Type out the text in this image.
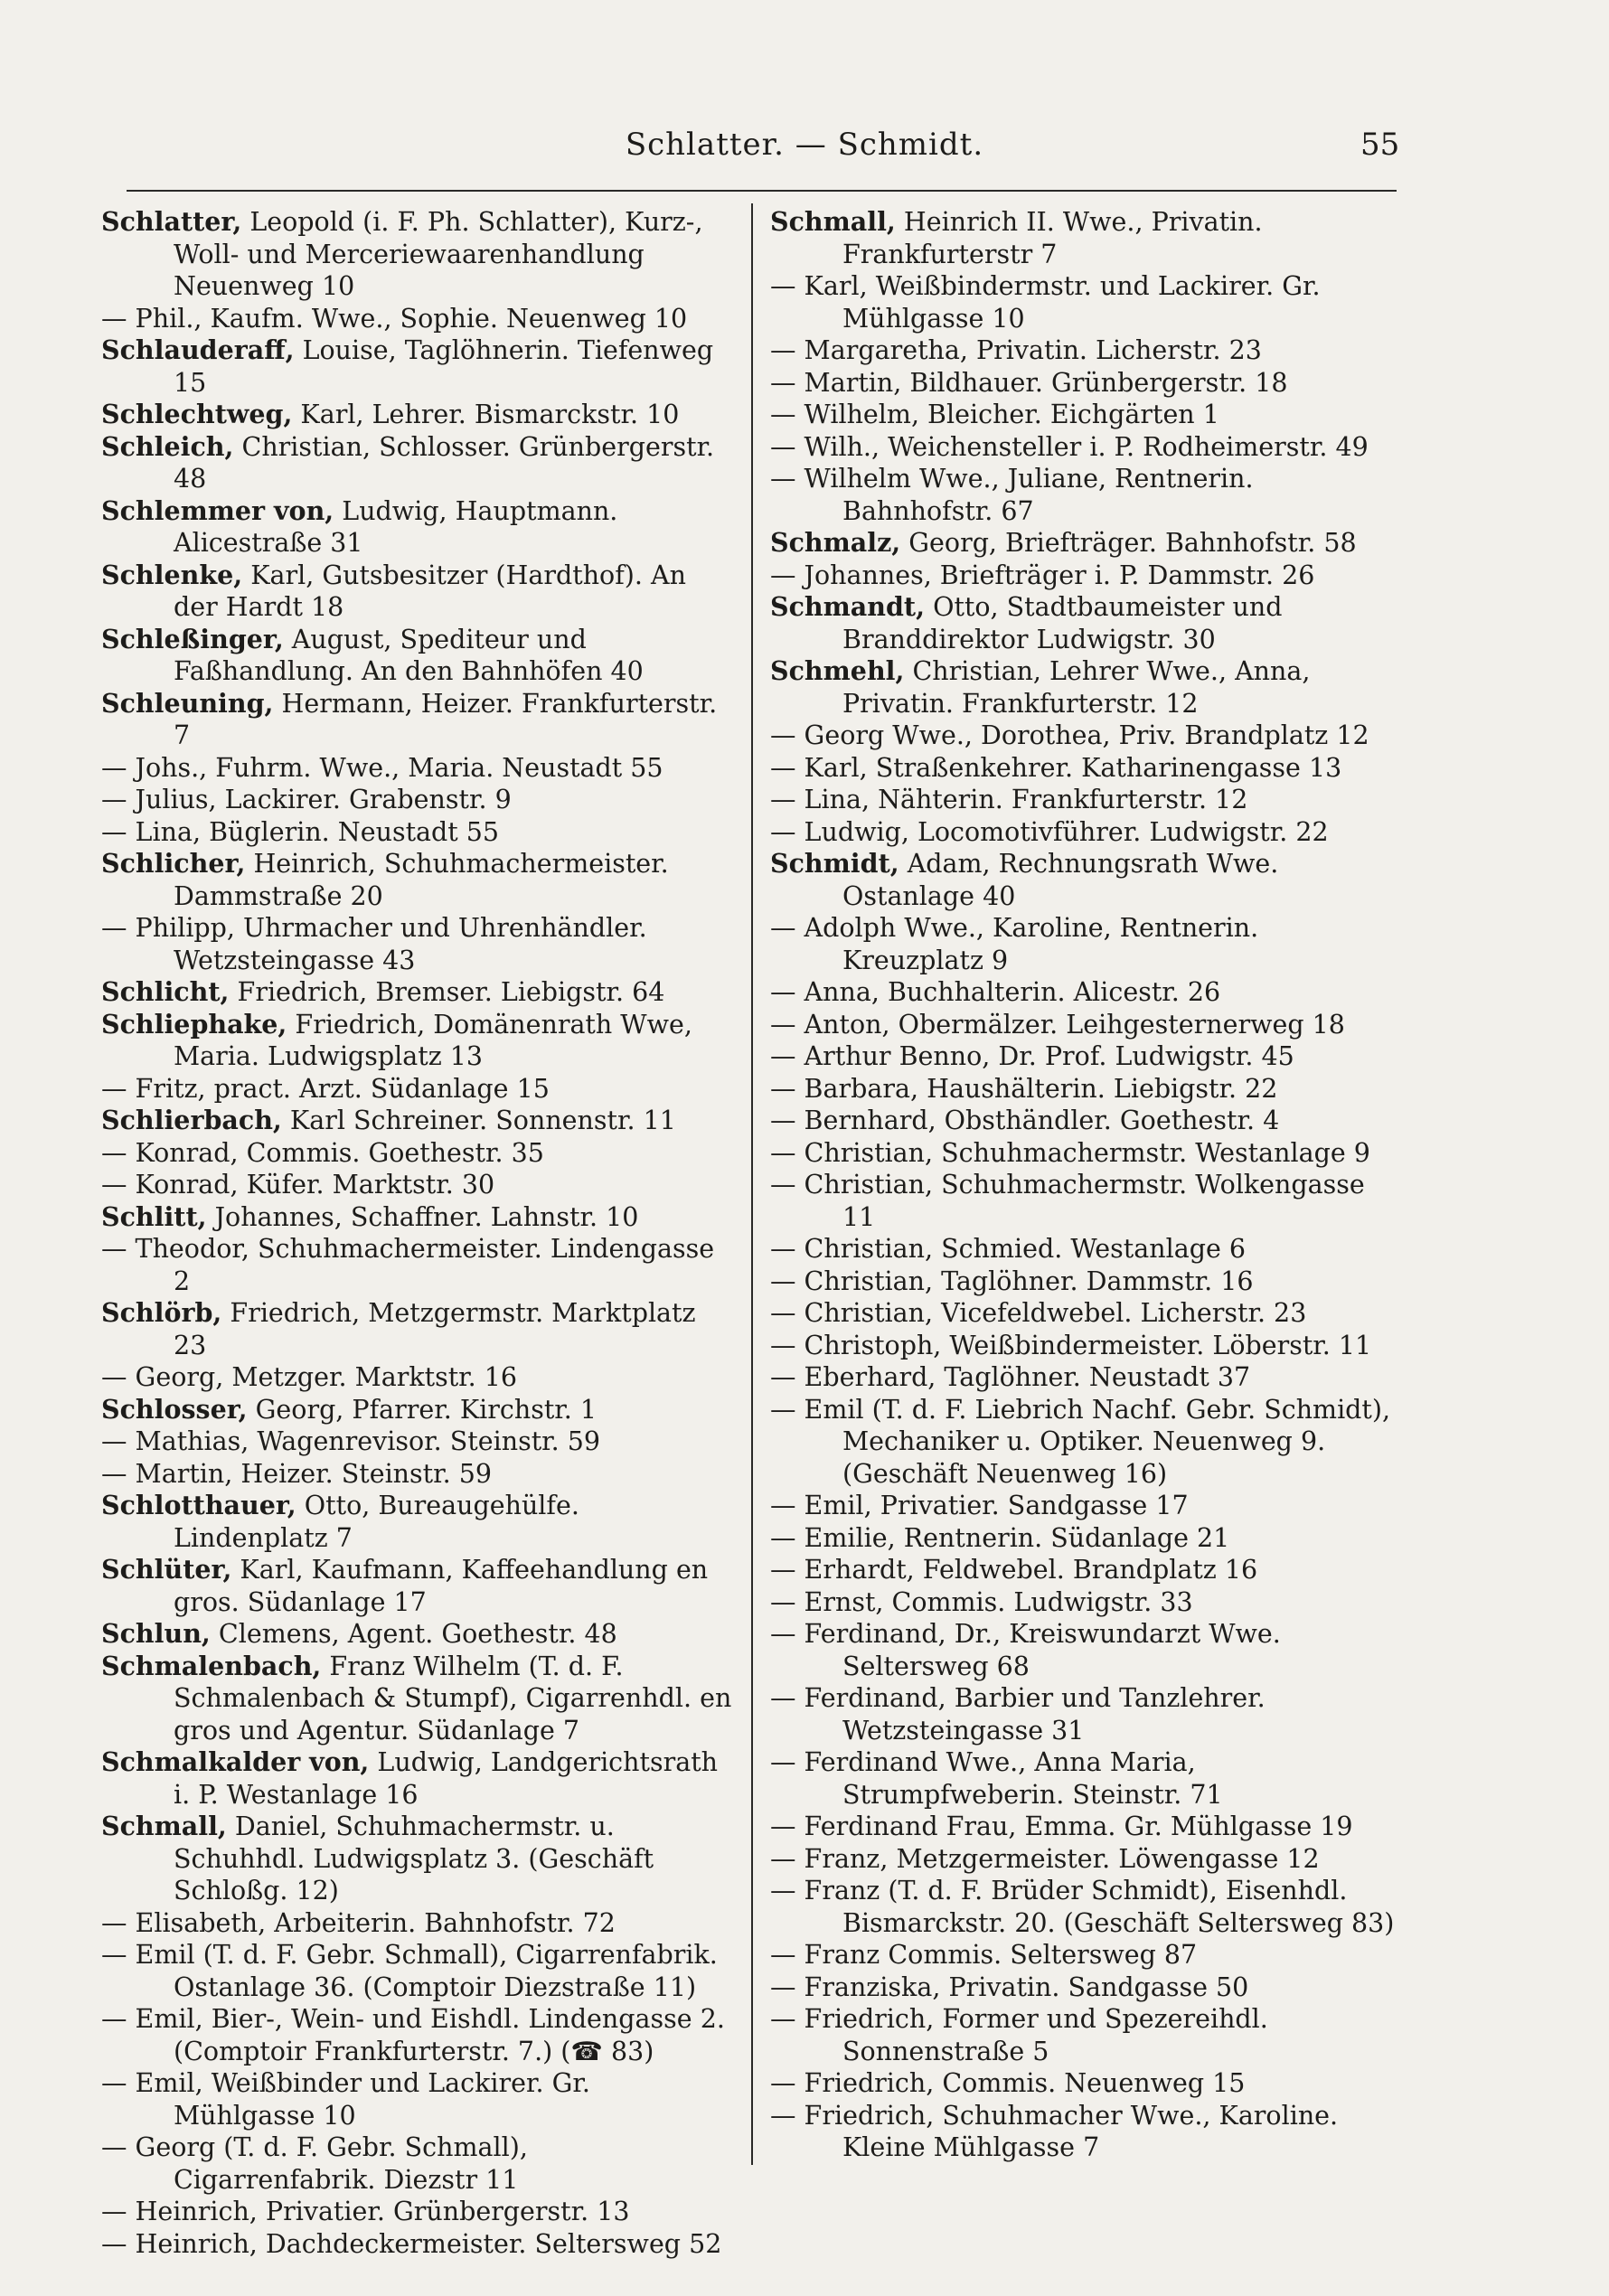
Schlatter. — Schmidt.	55
Schlatter, Leopold (i. F. Ph. Schlatter), Kurz-, Woll- und Merceriewaarenhandlung Neuenweg 10
— Phil., Kaufm. Wwe., Sophie. Neuenweg 10
Schlauderaff, Louise, Taglöhnerin. Tiefenweg 15
Schlechtweg, Karl, Lehrer. Bismarckstr. 10
Schleich, Christian, Schlosser. Grünbergerstr. 48
Schlemmer von, Ludwig, Hauptmann. Alicestraße 31
Schlenke, Karl, Gutsbesitzer (Hardthof). An der Hardt 18
Schleßinger, August, Spediteur und Faßhandlung. An den Bahnhöfen 40
Schleuning, Hermann, Heizer. Frankfurterstr. 7
— Johs., Fuhrm. Wwe., Maria. Neustadt 55
— Julius, Lackirer. Grabenstr. 9
— Lina, Büglerin. Neustadt 55
Schlicher, Heinrich, Schuhmachermeister. Dammstraße 20
— Philipp, Uhrmacher und Uhrenhändler. Wetzsteingasse 43
Schlicht, Friedrich, Bremser. Liebigstr. 64
Schliephake, Friedrich, Domänenrath Wwe, Maria. Ludwigsplatz 13
— Fritz, pract. Arzt. Südanlage 15
Schlierbach, Karl Schreiner. Sonnenstr. 11
— Konrad, Commis. Goethestr. 35
— Konrad, Küfer. Marktstr. 30
Schlitt, Johannes, Schaffner. Lahnstr. 10
— Theodor, Schuhmachermeister. Lindengasse 2
Schlörb, Friedrich, Metzgermstr. Marktplatz 23
— Georg, Metzger. Marktstr. 16
Schlosser, Georg, Pfarrer. Kirchstr. 1
— Mathias, Wagenrevisor. Steinstr. 59
— Martin, Heizer. Steinstr. 59
Schlotthauer, Otto, Bureaugehülfe. Lindenplatz 7
Schlüter, Karl, Kaufmann, Kaffeehandlung en gros. Südanlage 17
Schlun, Clemens, Agent. Goethestr. 48
Schmalenbach, Franz Wilhelm (T. d. F. Schmalenbach & Stumpf), Cigarrenhdl. en gros und Agentur. Südanlage 7
Schmalkalder von, Ludwig, Landgerichtsrath i. P. Westanlage 16
Schmall, Daniel, Schuhmachermstr. u. Schuhhdl. Ludwigsplatz 3. (Geschäft Schloßg. 12)
— Elisabeth, Arbeiterin. Bahnhofstr. 72
— Emil (T. d. F. Gebr. Schmall), Cigarrenfabrik. Ostanlage 36. (Comptoir Diezstraße 11)
— Emil, Bier-, Wein- und Eishdl. Lindengasse 2. (Comptoir Frankfurterstr. 7.) (☎ 83)
— Emil, Weißbinder und Lackirer. Gr. Mühlgasse 10
— Georg (T. d. F. Gebr. Schmall), Cigarrenfabrik. Diezstr 11
— Heinrich, Privatier. Grünbergerstr. 13
— Heinrich, Dachdeckermeister. Seltersweg 52
Schmall, Heinrich II. Wwe., Privatin. Frankfurterstr 7
— Karl, Weißbindermstr. und Lackirer. Gr. Mühlgasse 10
— Margaretha, Privatin. Licherstr. 23
— Martin, Bildhauer. Grünbergerstr. 18
— Wilhelm, Bleicher. Eichgärten 1
— Wilh., Weichensteller i. P. Rodheimerstr. 49
— Wilhelm Wwe., Juliane, Rentnerin. Bahnhofstr. 67
Schmalz, Georg, Briefträger. Bahnhofstr. 58
— Johannes, Briefträger i. P. Dammstr. 26
Schmandt, Otto, Stadtbaumeister und Branddirektor Ludwigstr. 30
Schmehl, Christian, Lehrer Wwe., Anna, Privatin. Frankfurterstr. 12
— Georg Wwe., Dorothea, Priv. Brandplatz 12
— Karl, Straßenkehrer. Katharinengasse 13
— Lina, Nähterin. Frankfurterstr. 12
— Ludwig, Locomotivführer. Ludwigstr. 22
Schmidt, Adam, Rechnungsrath Wwe. Ostanlage 40
— Adolph Wwe., Karoline, Rentnerin. Kreuzplatz 9
— Anna, Buchhalterin. Alicestr. 26
— Anton, Obermälzer. Leihgesternerweg 18
— Arthur Benno, Dr. Prof. Ludwigstr. 45
— Barbara, Haushälterin. Liebigstr. 22
— Bernhard, Obsthändler. Goethestr. 4
— Christian, Schuhmachermstr. Westanlage 9
— Christian, Schuhmachermstr. Wolkengasse 11
— Christian, Schmied. Westanlage 6
— Christian, Taglöhner. Dammstr. 16
— Christian, Vicefeldwebel. Licherstr. 23
— Christoph, Weißbindermeister. Löberstr. 11
— Eberhard, Taglöhner. Neustadt 37
— Emil (T. d. F. Liebrich Nachf. Gebr. Schmidt), Mechaniker u. Optiker. Neuenweg 9. (Geschäft Neuenweg 16)
— Emil, Privatier. Sandgasse 17
— Emilie, Rentnerin. Südanlage 21
— Erhardt, Feldwebel. Brandplatz 16
— Ernst, Commis. Ludwigstr. 33
— Ferdinand, Dr., Kreiswundarzt Wwe. Seltersweg 68
— Ferdinand, Barbier und Tanzlehrer. Wetzsteingasse 31
— Ferdinand Wwe., Anna Maria, Strumpfweberin. Steinstr. 71
— Ferdinand Frau, Emma. Gr. Mühlgasse 19
— Franz, Metzgermeister. Löwengasse 12
— Franz (T. d. F. Brüder Schmidt), Eisenhdl. Bismarckstr. 20. (Geschäft Seltersweg 83)
— Franz Commis. Seltersweg 87
— Franziska, Privatin. Sandgasse 50
— Friedrich, Former und Spezereihdl. Sonnenstraße 5
— Friedrich, Commis. Neuenweg 15
— Friedrich, Schuhmacher Wwe., Karoline. Kleine Mühlgasse 7
